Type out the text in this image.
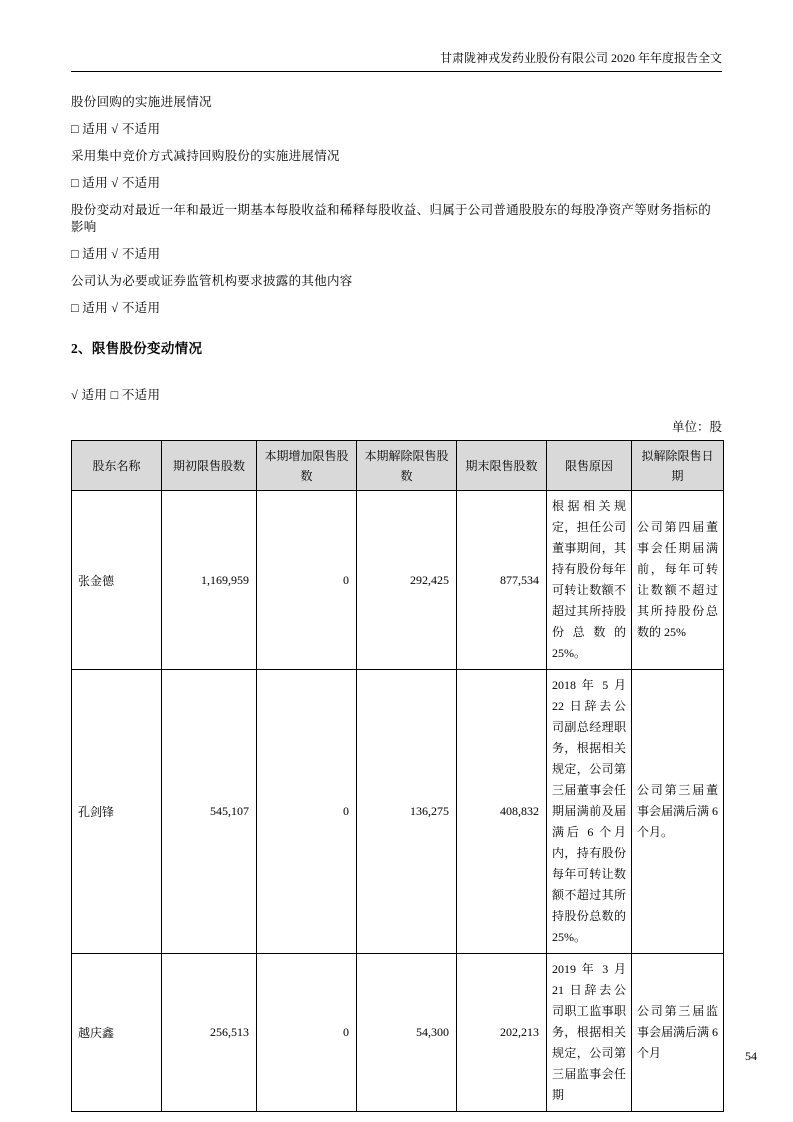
甘肃陇神戎发药业股份有限公司 2020 年年度报告全文

股份回购的实施进展情况

□ 适用 √ 不适用

采用集中竞价方式减持回购股份的实施进展情况

□ 适用 √ 不适用

股份变动对最近一年和最近一期基本每股收益和稀释每股收益、归属于公司普通股股东的每股净资产等财务指标的影响

□ 适用 √ 不适用

公司认为必要或证券监管机构要求披露的其他内容

□ 适用 √ 不适用

2、限售股份变动情况

√ 适用 □ 不适用

单位：股
股东名称	期初限售股数	本期增加限售股数	本期解除限售股数	期末限售股数	限售原因	拟解除限售日期
张金德	1,169,959	0	292,425	877,534	根据相关规定，担任公司董事期间，其持有股份每年可转让数额不超过其所持股份总数的25%。	公司第四届董事会任期届满前，每年可转让数额不超过其所持股份总数的 25%
孔剑锋	545,107	0	136,275	408,832	2018 年 5 月 22 日辞去公司副总经理职务，根据相关规定，公司第三届董事会任期届满前及届满后 6 个月内，持有股份每年可转让数额不超过其所持股份总数的 25%。	公司第三届董事会届满后满 6 个月。
越庆鑫	256,513	0	54,300	202,213	2019 年 3 月 21 日辞去公司职工监事职务，根据相关规定，公司第三届监事会任期	公司第三届监事会届满后满 6 个月	54
